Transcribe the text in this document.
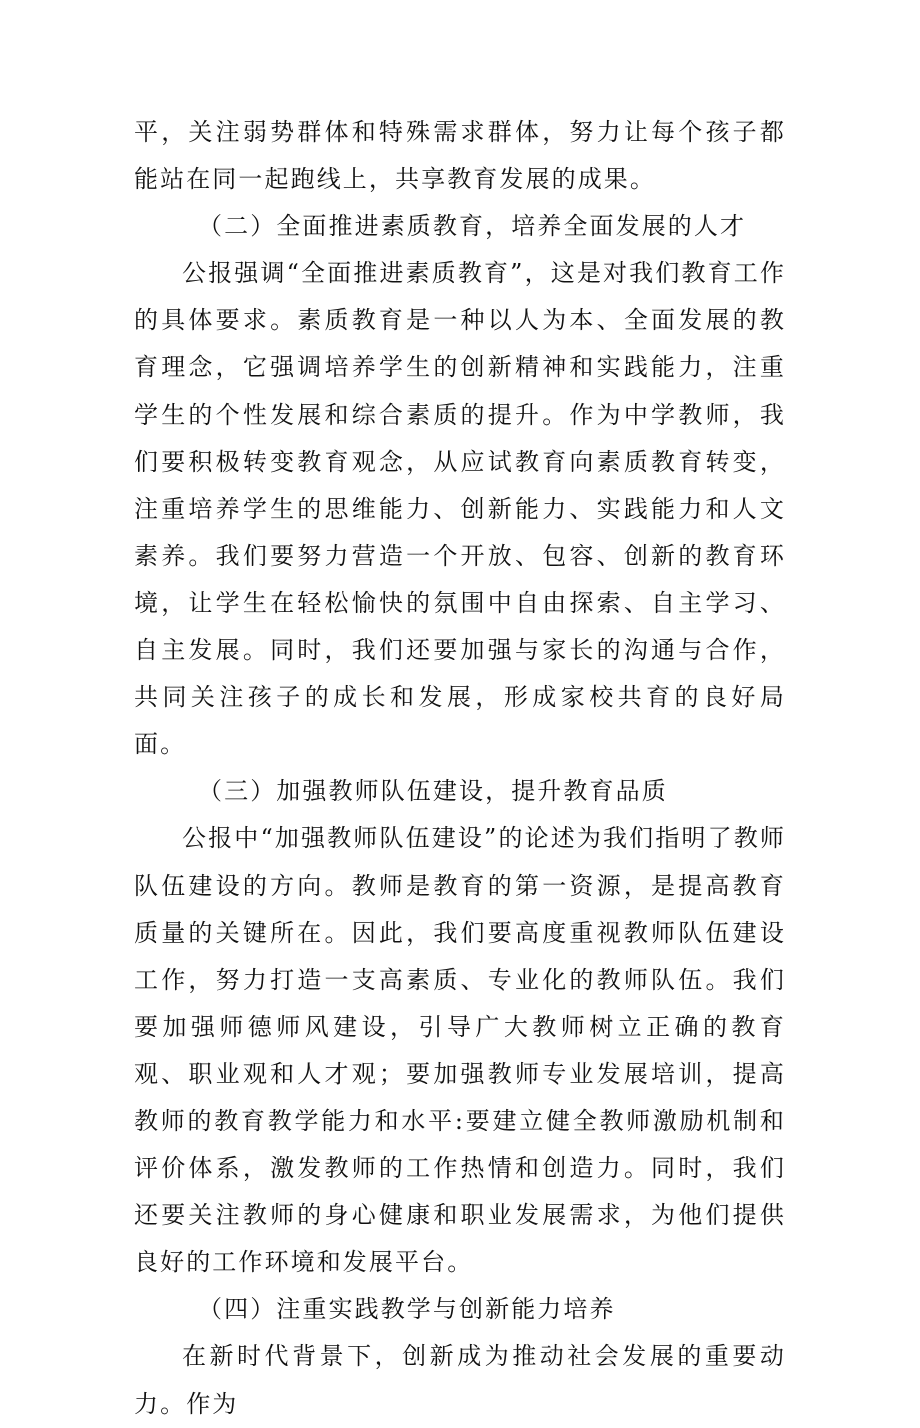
平，关注弱势群体和特殊需求群体，努力让每个孩子都能站在同一起跑线上，共享教育发展的成果。

（二）全面推进素质教育，培养全面发展的人才

公报强调“全面推进素质教育”，这是对我们教育工作的具体要求。素质教育是一种以人为本、全面发展的教育理念，它强调培养学生的创新精神和实践能力，注重学生的个性发展和综合素质的提升。作为中学教师，我们要积极转变教育观念，从应试教育向素质教育转变，注重培养学生的思维能力、创新能力、实践能力和人文素养。我们要努力营造一个开放、包容、创新的教育环境，让学生在轻松愉快的氛围中自由探索、自主学习、自主发展。同时，我们还要加强与家长的沟通与合作，共同关注孩子的成长和发展，形成家校共育的良好局面。

（三）加强教师队伍建设，提升教育品质

公报中“加强教师队伍建设”的论述为我们指明了教师队伍建设的方向。教师是教育的第一资源，是提高教育质量的关键所在。因此，我们要高度重视教师队伍建设工作，努力打造一支高素质、专业化的教师队伍。我们要加强师德师风建设，引导广大教师树立正确的教育观、职业观和人才观；要加强教师专业发展培训，提高教师的教育教学能力和水平:要建立健全教师激励机制和评价体系，激发教师的工作热情和创造力。同时，我们还要关注教师的身心健康和职业发展需求，为他们提供良好的工作环境和发展平台。

（四）注重实践教学与创新能力培养

在新时代背景下，创新成为推动社会发展的重要动力。作为
